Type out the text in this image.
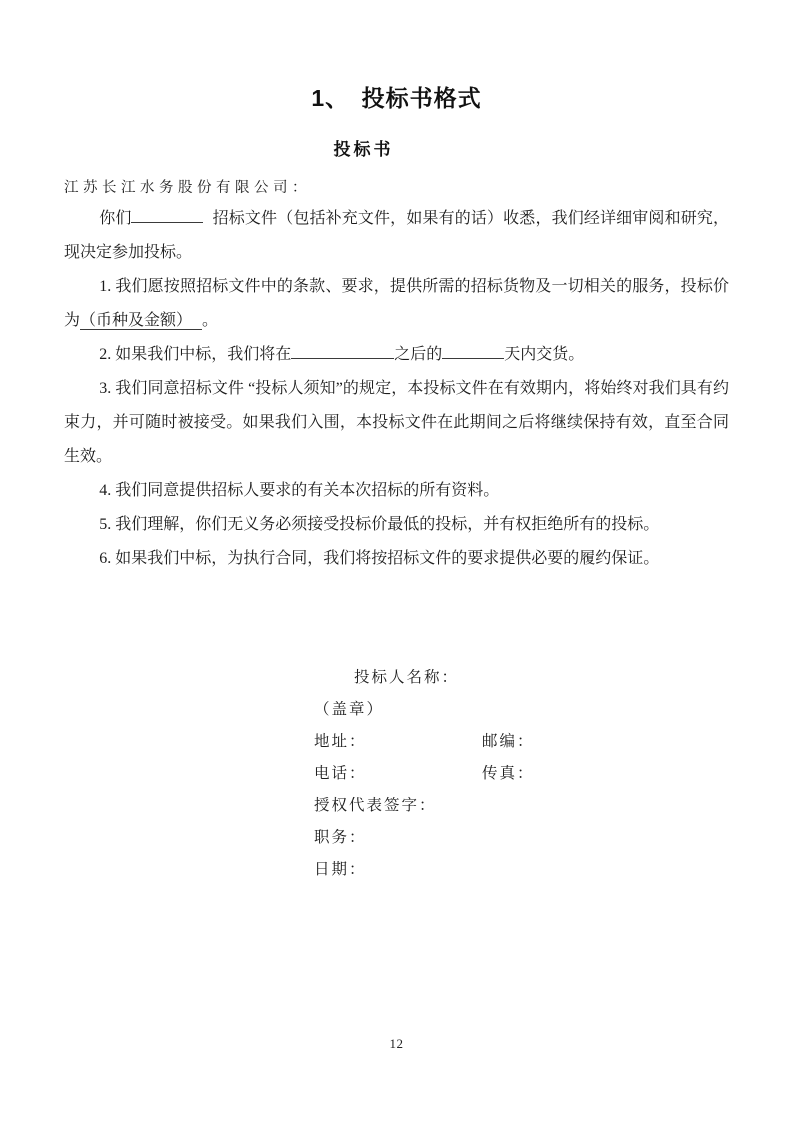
1、　投标书格式
投标书

江苏长江水务股份有限公司：

你们	招标文件（包括补充文件，如果有的话）收悉，我们经详细审阅和研究，现决定参加投标。

1. 我们愿按照招标文件中的条款、要求，提供所需的招标货物及一切相关的服务，投标价为（币种及金额） 。

2. 如果我们中标，我们将在	之后的	天内交货。

3. 我们同意招标文件 “投标人须知”的规定，本投标文件在有效期内，将始终对我们具有约束力，并可随时被接受。如果我们入围，本投标文件在此期间之后将继续保持有效，直至合同生效。

4. 我们同意提供招标人要求的有关本次招标的所有资料。

5. 我们理解，你们无义务必须接受投标价最低的投标，并有权拒绝所有的投标。

6. 如果我们中标，为执行合同，我们将按招标文件的要求提供必要的履约保证。

投标人名称：
（盖章）
地址：	邮编：
电话：	传真：
授权代表签字：
职务：
日期：
12
